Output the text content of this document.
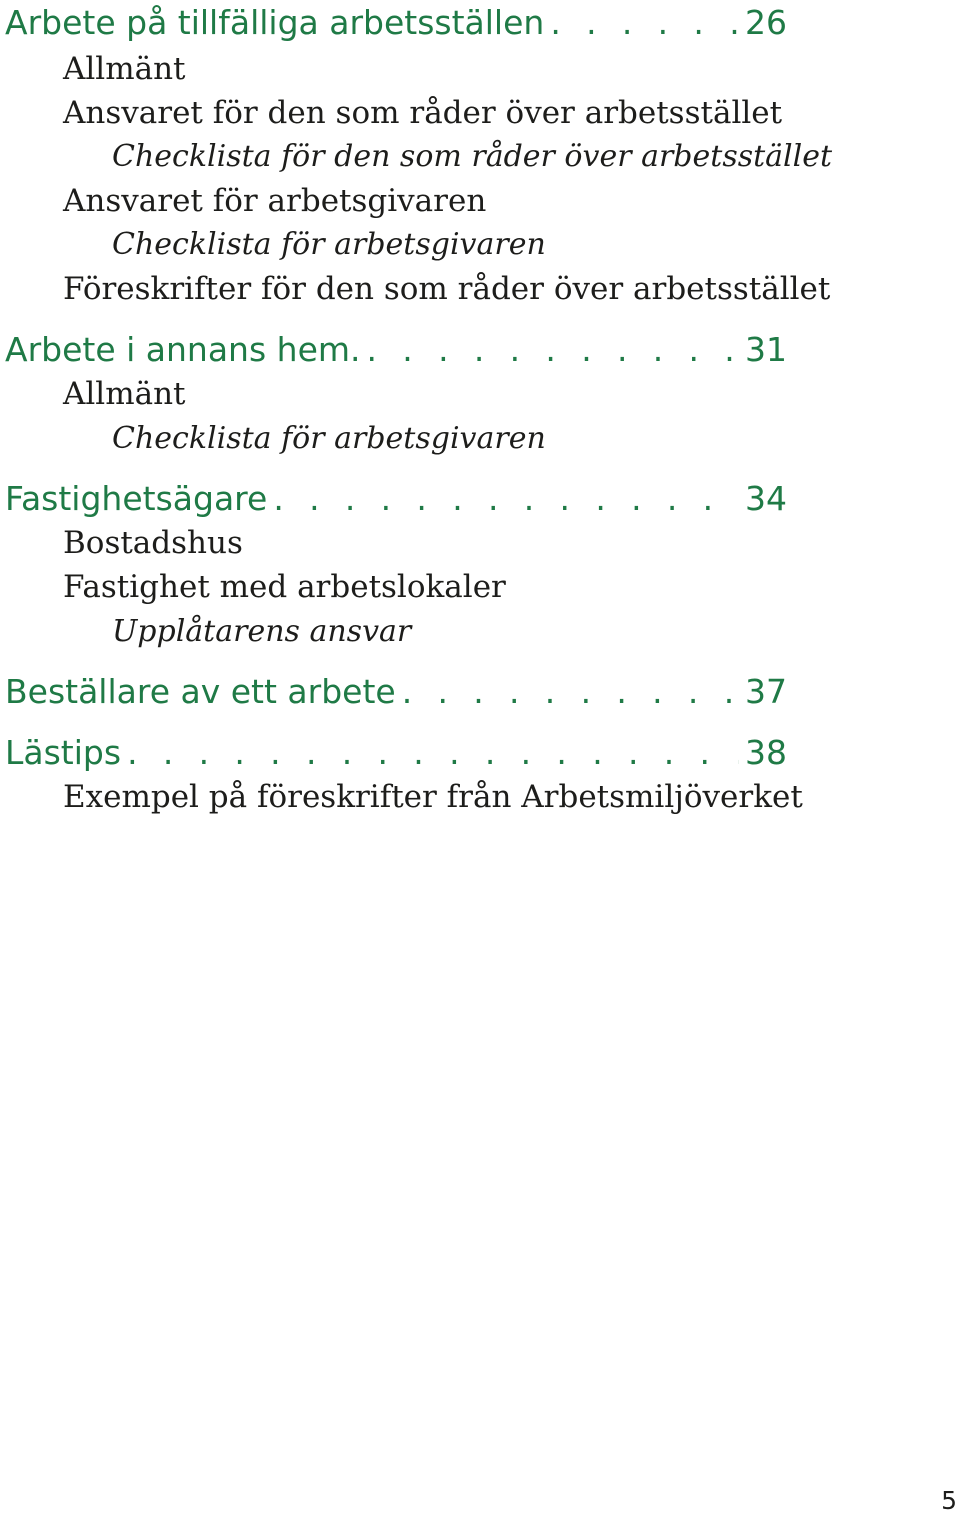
Arbete på tillfälliga arbetsställen . . .	26
Allmänt
Ansvaret för den som råder över arbetsstället
Checklista för den som råder över arbetsstället
Ansvaret för arbetsgivaren
Checklista för arbetsgivaren
Föreskrifter för den som råder över arbetsstället
Arbete i annans hem. . . .	31
Allmänt
Checklista för arbetsgivaren
Fastighetsägare . . .	34
Bostadshus
Fastighet med arbetslokaler
Upplåtarens ansvar
Beställare av ett arbete . . .	37
Lästips . . .	38
Exempel på föreskrifter från Arbetsmiljöverket
5
